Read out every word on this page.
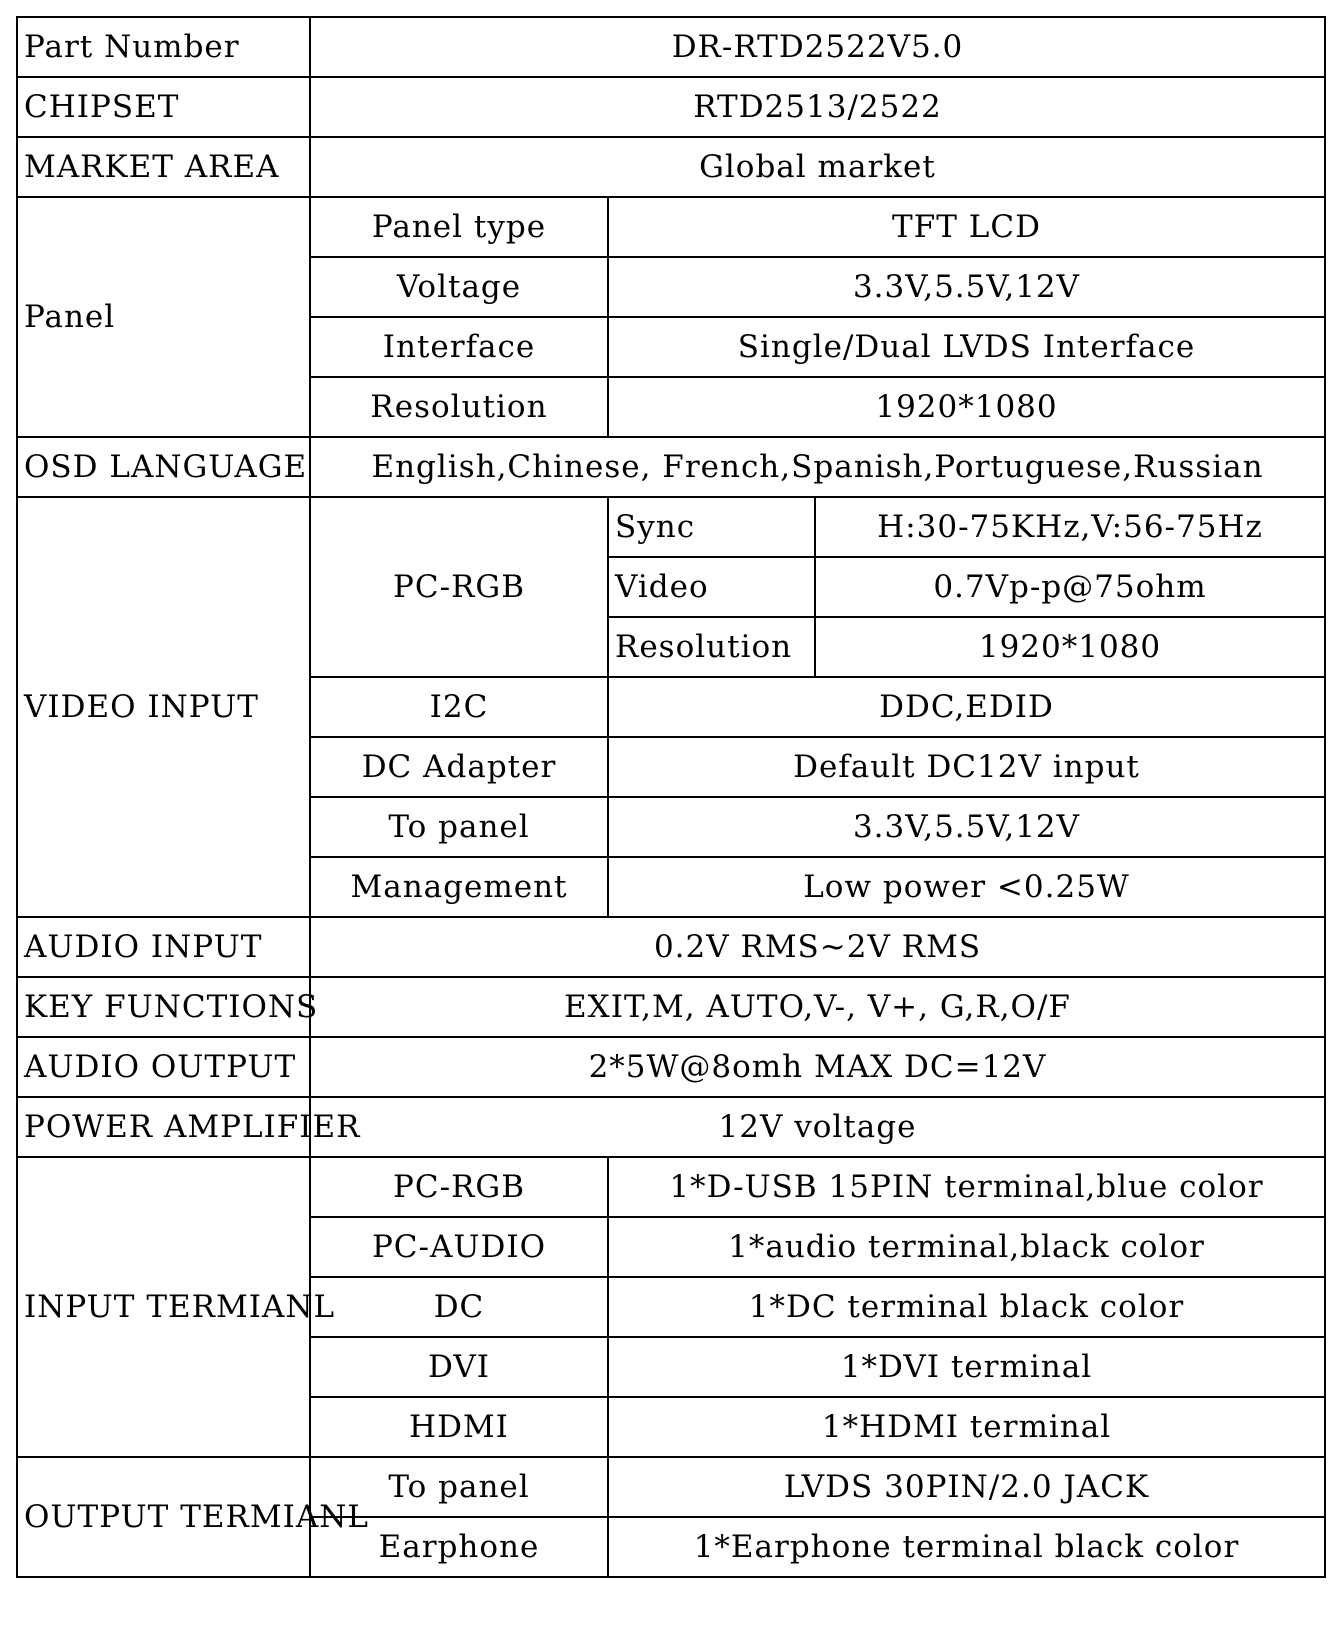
Part Number	DR-RTD2522V5.0		
CHIPSET	RTD2513/2522		
MARKET AREA	Global market		
Panel	Panel type	TFT LCD	
	Voltage	3.3V,5.5V,12V	
	Interface	Single/Dual LVDS Interface	
	Resolution	1920*1080	
OSD LANGUAGE	English,Chinese, French,Spanish,Portuguese,Russian		
VIDEO INPUT	PC-RGB	Sync	H:30-75KHz,V:56-75Hz
		Video	0.7Vp-p@75ohm
		Resolution	1920*1080
	I2C	DDC,EDID	
	DC Adapter	Default DC12V input	
	To panel	3.3V,5.5V,12V	
	Management	Low power <0.25W	
AUDIO INPUT	0.2V RMS~2V RMS		
KEY FUNCTIONS	EXIT,M, AUTO,V-, V+, G,R,O/F		
AUDIO OUTPUT	2*5W@8omh MAX DC=12V		
POWER AMPLIFIER	12V voltage		
INPUT TERMIANL	PC-RGB	1*D-USB 15PIN terminal,blue color	
	PC-AUDIO	1*audio terminal,black color	
	DC	1*DC terminal black color	
	DVI	1*DVI terminal	
	HDMI	1*HDMI terminal	
OUTPUT TERMIANL	To panel	LVDS 30PIN/2.0 JACK	
	Earphone	1*Earphone terminal black color	
